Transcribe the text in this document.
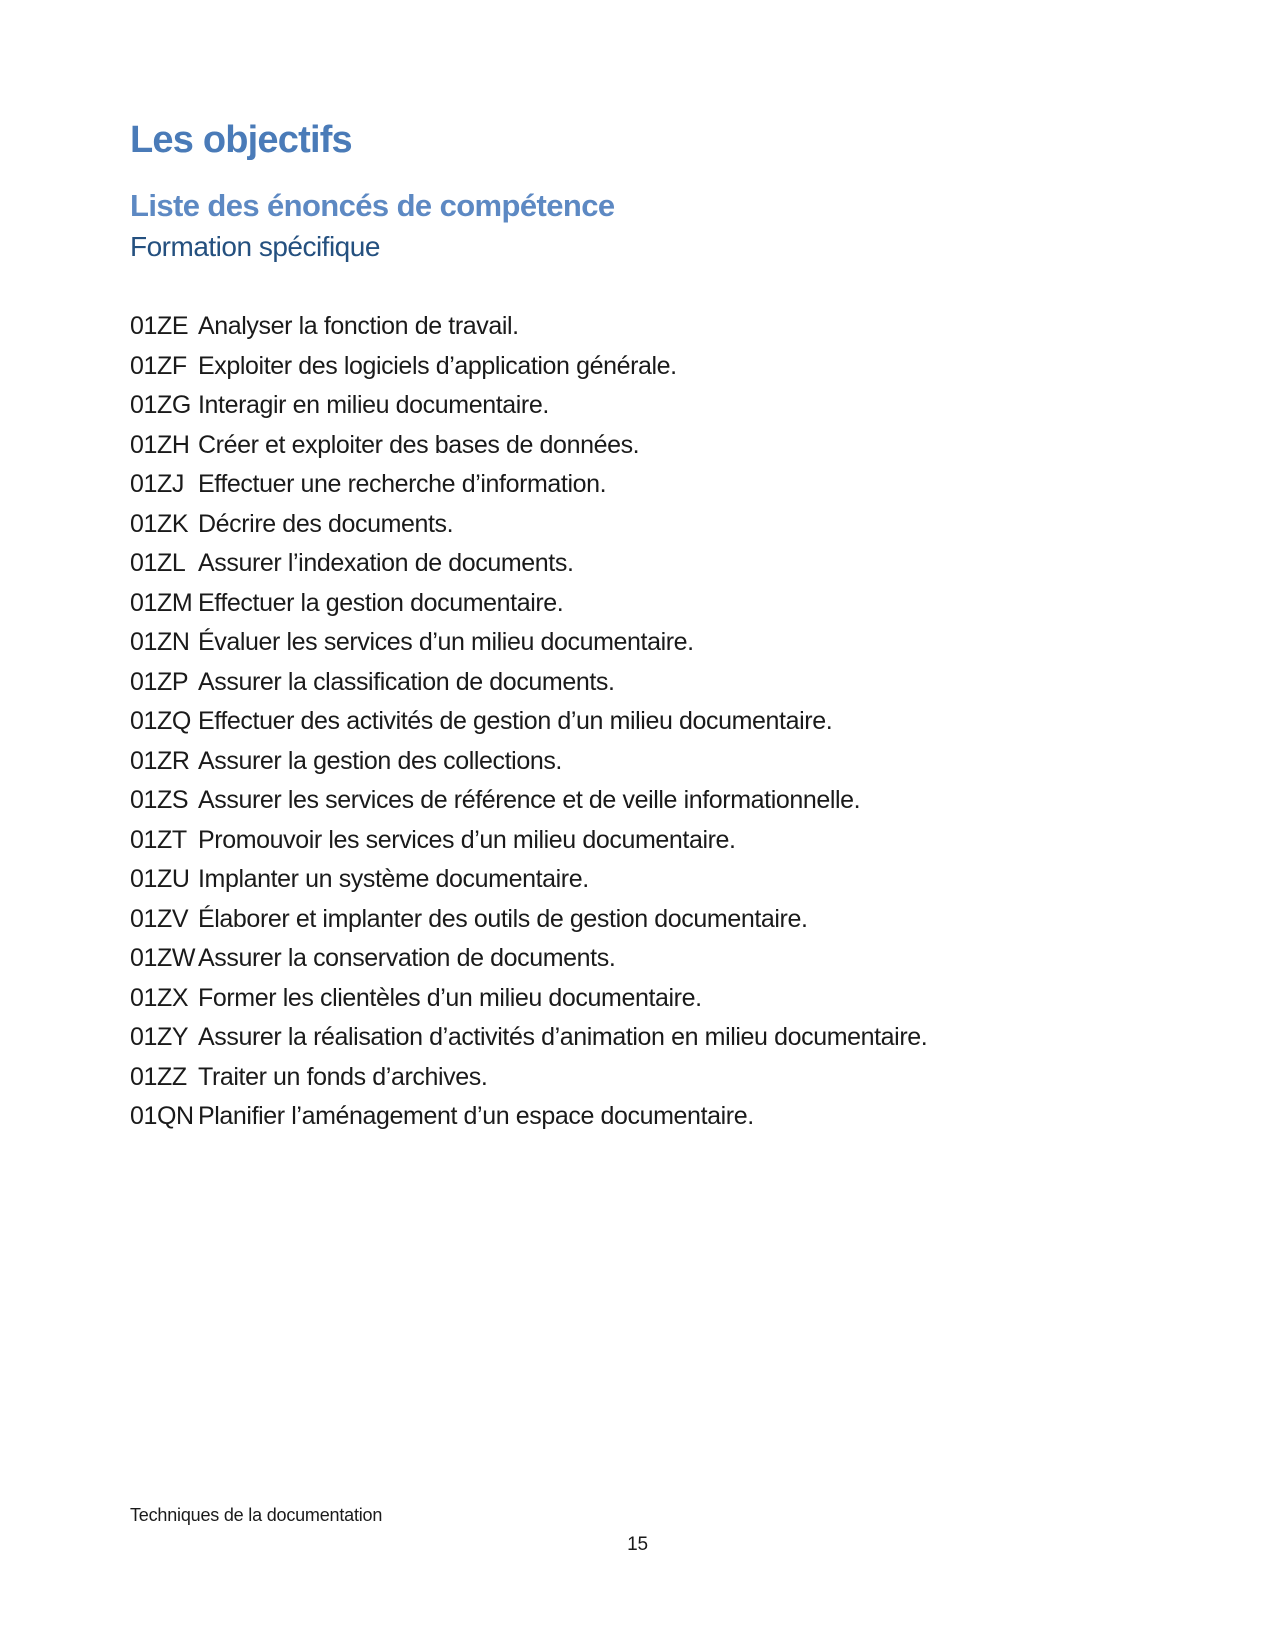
Les objectifs
Liste des énoncés de compétence
Formation spécifique
01ZE Analyser la fonction de travail.
01ZF Exploiter des logiciels d’application générale.
01ZG Interagir en milieu documentaire.
01ZH Créer et exploiter des bases de données.
01ZJ Effectuer une recherche d’information.
01ZK Décrire des documents.
01ZL Assurer l’indexation de documents.
01ZM Effectuer la gestion documentaire.
01ZN Évaluer les services d’un milieu documentaire.
01ZP Assurer la classification de documents.
01ZQ Effectuer des activités de gestion d’un milieu documentaire.
01ZR Assurer la gestion des collections.
01ZS Assurer les services de référence et de veille informationnelle.
01ZT Promouvoir les services d’un milieu documentaire.
01ZU Implanter un système documentaire.
01ZV Élaborer et implanter des outils de gestion documentaire.
01ZW Assurer la conservation de documents.
01ZX Former les clientèles d’un milieu documentaire.
01ZY Assurer la réalisation d’activités d’animation en milieu documentaire.
01ZZ Traiter un fonds d’archives.
01QN Planifier l’aménagement d’un espace documentaire.
Techniques de la documentation
15
